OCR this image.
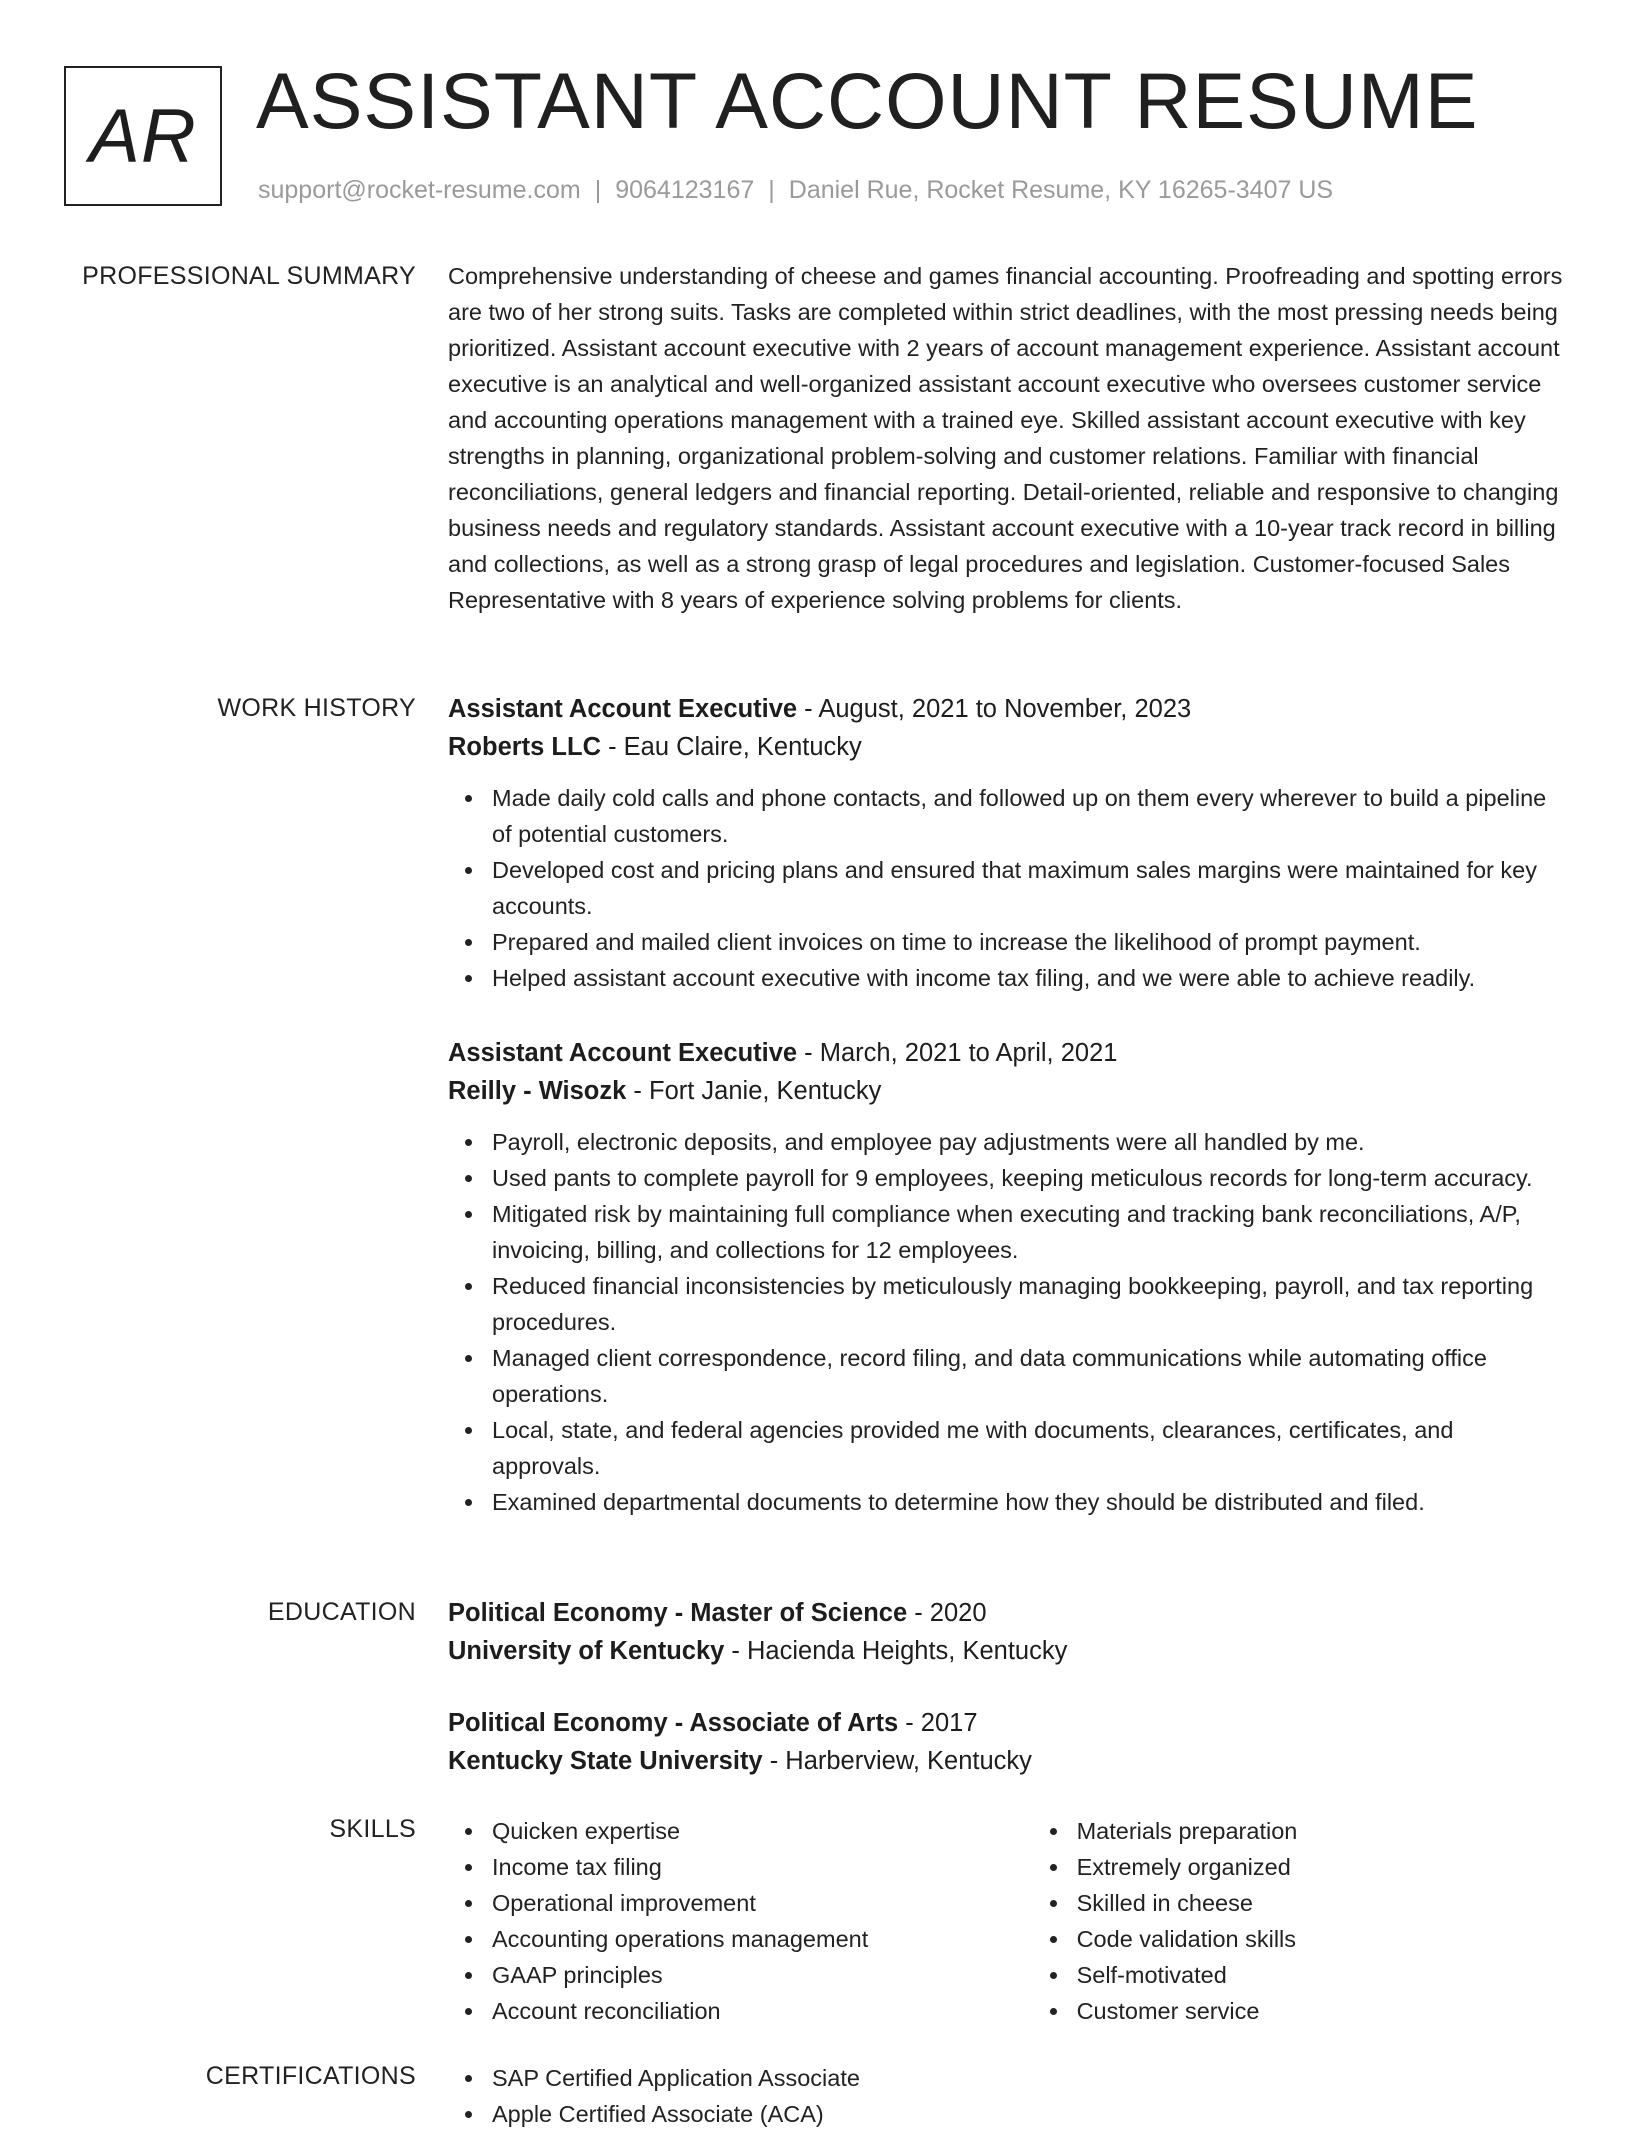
AR ASSISTANT ACCOUNT RESUME
support@rocket-resume.com | 9064123167 | Daniel Rue, Rocket Resume, KY 16265-3407 US
PROFESSIONAL SUMMARY Comprehensive understanding of cheese and games financial accounting. Proofreading and spotting errors are two of her strong suits. Tasks are completed within strict deadlines, with the most pressing needs being prioritized. Assistant account executive with 2 years of account management experience. Assistant account executive is an analytical and well-organized assistant account executive who oversees customer service and accounting operations management with a trained eye. Skilled assistant account executive with key strengths in planning, organizational problem-solving and customer relations. Familiar with financial reconciliations, general ledgers and financial reporting. Detail-oriented, reliable and responsive to changing business needs and regulatory standards. Assistant account executive with a 10-year track record in billing and collections, as well as a strong grasp of legal procedures and legislation. Customer-focused Sales Representative with 8 years of experience solving problems for clients.

WORK HISTORY Assistant Account Executive - August, 2021 to November, 2023
Roberts LLC - Eau Claire, Kentucky
Made daily cold calls and phone contacts, and followed up on them every wherever to build a pipeline of potential customers.
Developed cost and pricing plans and ensured that maximum sales margins were maintained for key accounts.
Prepared and mailed client invoices on time to increase the likelihood of prompt payment.
Helped assistant account executive with income tax filing, and we were able to achieve readily.
Assistant Account Executive - March, 2021 to April, 2021
Reilly - Wisozk - Fort Janie, Kentucky
Payroll, electronic deposits, and employee pay adjustments were all handled by me.
Used pants to complete payroll for 9 employees, keeping meticulous records for long-term accuracy.
Mitigated risk by maintaining full compliance when executing and tracking bank reconciliations, A/P, invoicing, billing, and collections for 12 employees.
Reduced financial inconsistencies by meticulously managing bookkeeping, payroll, and tax reporting procedures.
Managed client correspondence, record filing, and data communications while automating office operations.
Local, state, and federal agencies provided me with documents, clearances, certificates, and approvals.
Examined departmental documents to determine how they should be distributed and filed.
EDUCATION Political Economy - Master of Science - 2020
University of Kentucky - Hacienda Heights, Kentucky
Political Economy - Associate of Arts - 2017
Kentucky State University - Harberview, Kentucky
SKILLS	Quicken expertise
Income tax filing
Operational improvement
Accounting operations management
GAAP principles
Account reconciliation
Materials preparation
Extremely organized
Skilled in cheese
Code validation skills
Self-motivated
Customer service
CERTIFICATIONS	SAP Certified Application Associate
Apple Certified Associate (ACA)
